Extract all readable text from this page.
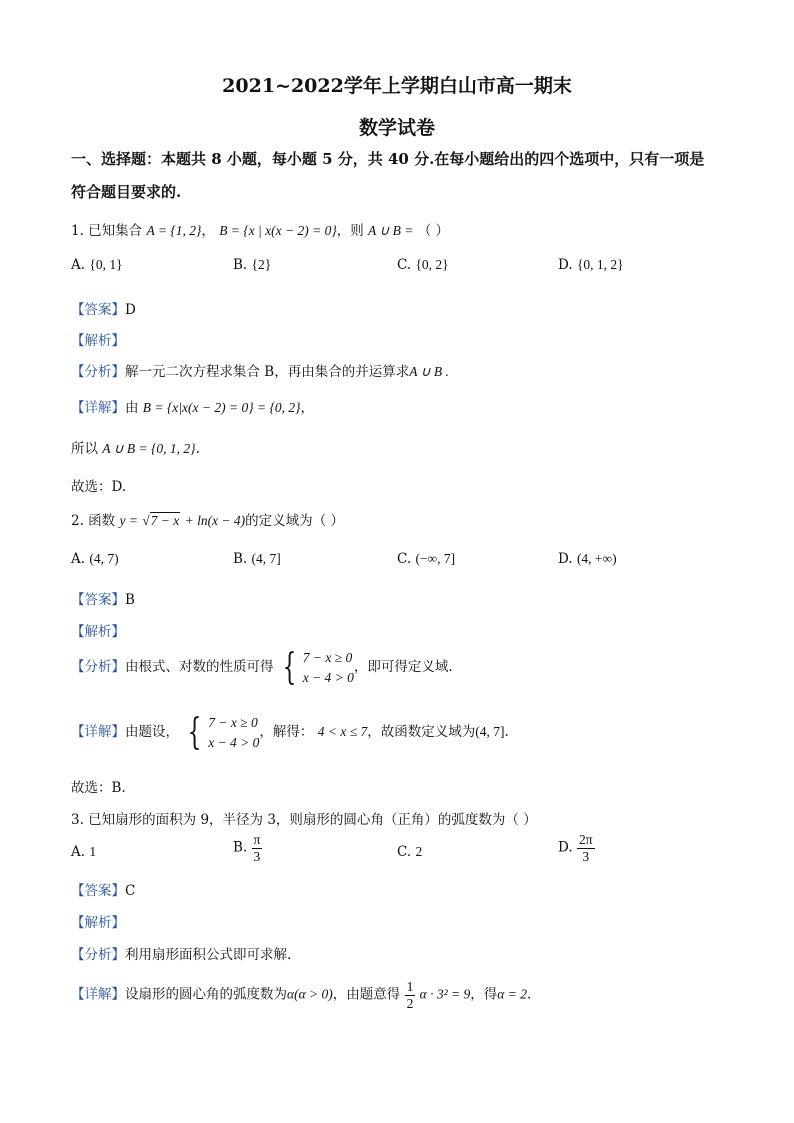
2021~2022学年上学期白山市高一期末
数学试卷
一、选择题：本题共 8 小题，每小题 5 分，共 40 分.在每小题给出的四个选项中，只有一项是
符合题目要求的.
1. 已知集合 A = {1, 2}， B = {x | x(x − 2) = 0}，则 A ∪ B = （ ）
A. {0, 1}	B. {2}	C. {0, 2}	D. {0, 1, 2}
【答案】D
【解析】
【分析】解一元二次方程求集合 B，再由集合的并运算求A ∪ B .
【详解】由 B = {x|x(x − 2) = 0} = {0, 2}，
所以 A ∪ B = {0, 1, 2}.
故选：D.
2. 函数 y = √7 − x + ln(x − 4)的定义域为（ ）
A. (4, 7)	B. (4, 7]	C. (−∞, 7]	D. (4, +∞)
【答案】B
【解析】
【分析】由根式、对数的性质可得 { 7 − x ≥ 0
x − 4 > 0
，即可得定义域.
【详解】由题设， { 7 − x ≥ 0
x − 4 > 0
，解得： 4 < x ≤ 7，故函数定义域为(4, 7].
故选：B.
3. 已知扇形的面积为 9，半径为 3，则扇形的圆心角（正角）的弧度数为（ ）
A. 1	B. $\frac{\pi}{3}$	C. 2	D. $\frac{2\pi}{3}$
【答案】C
【解析】
【分析】利用扇形面积公式即可求解.
【详解】设扇形的圆心角的弧度数为α(α > 0)，由题意得 $\frac{1}{2}$ α · 3² = 9，得α = 2.
